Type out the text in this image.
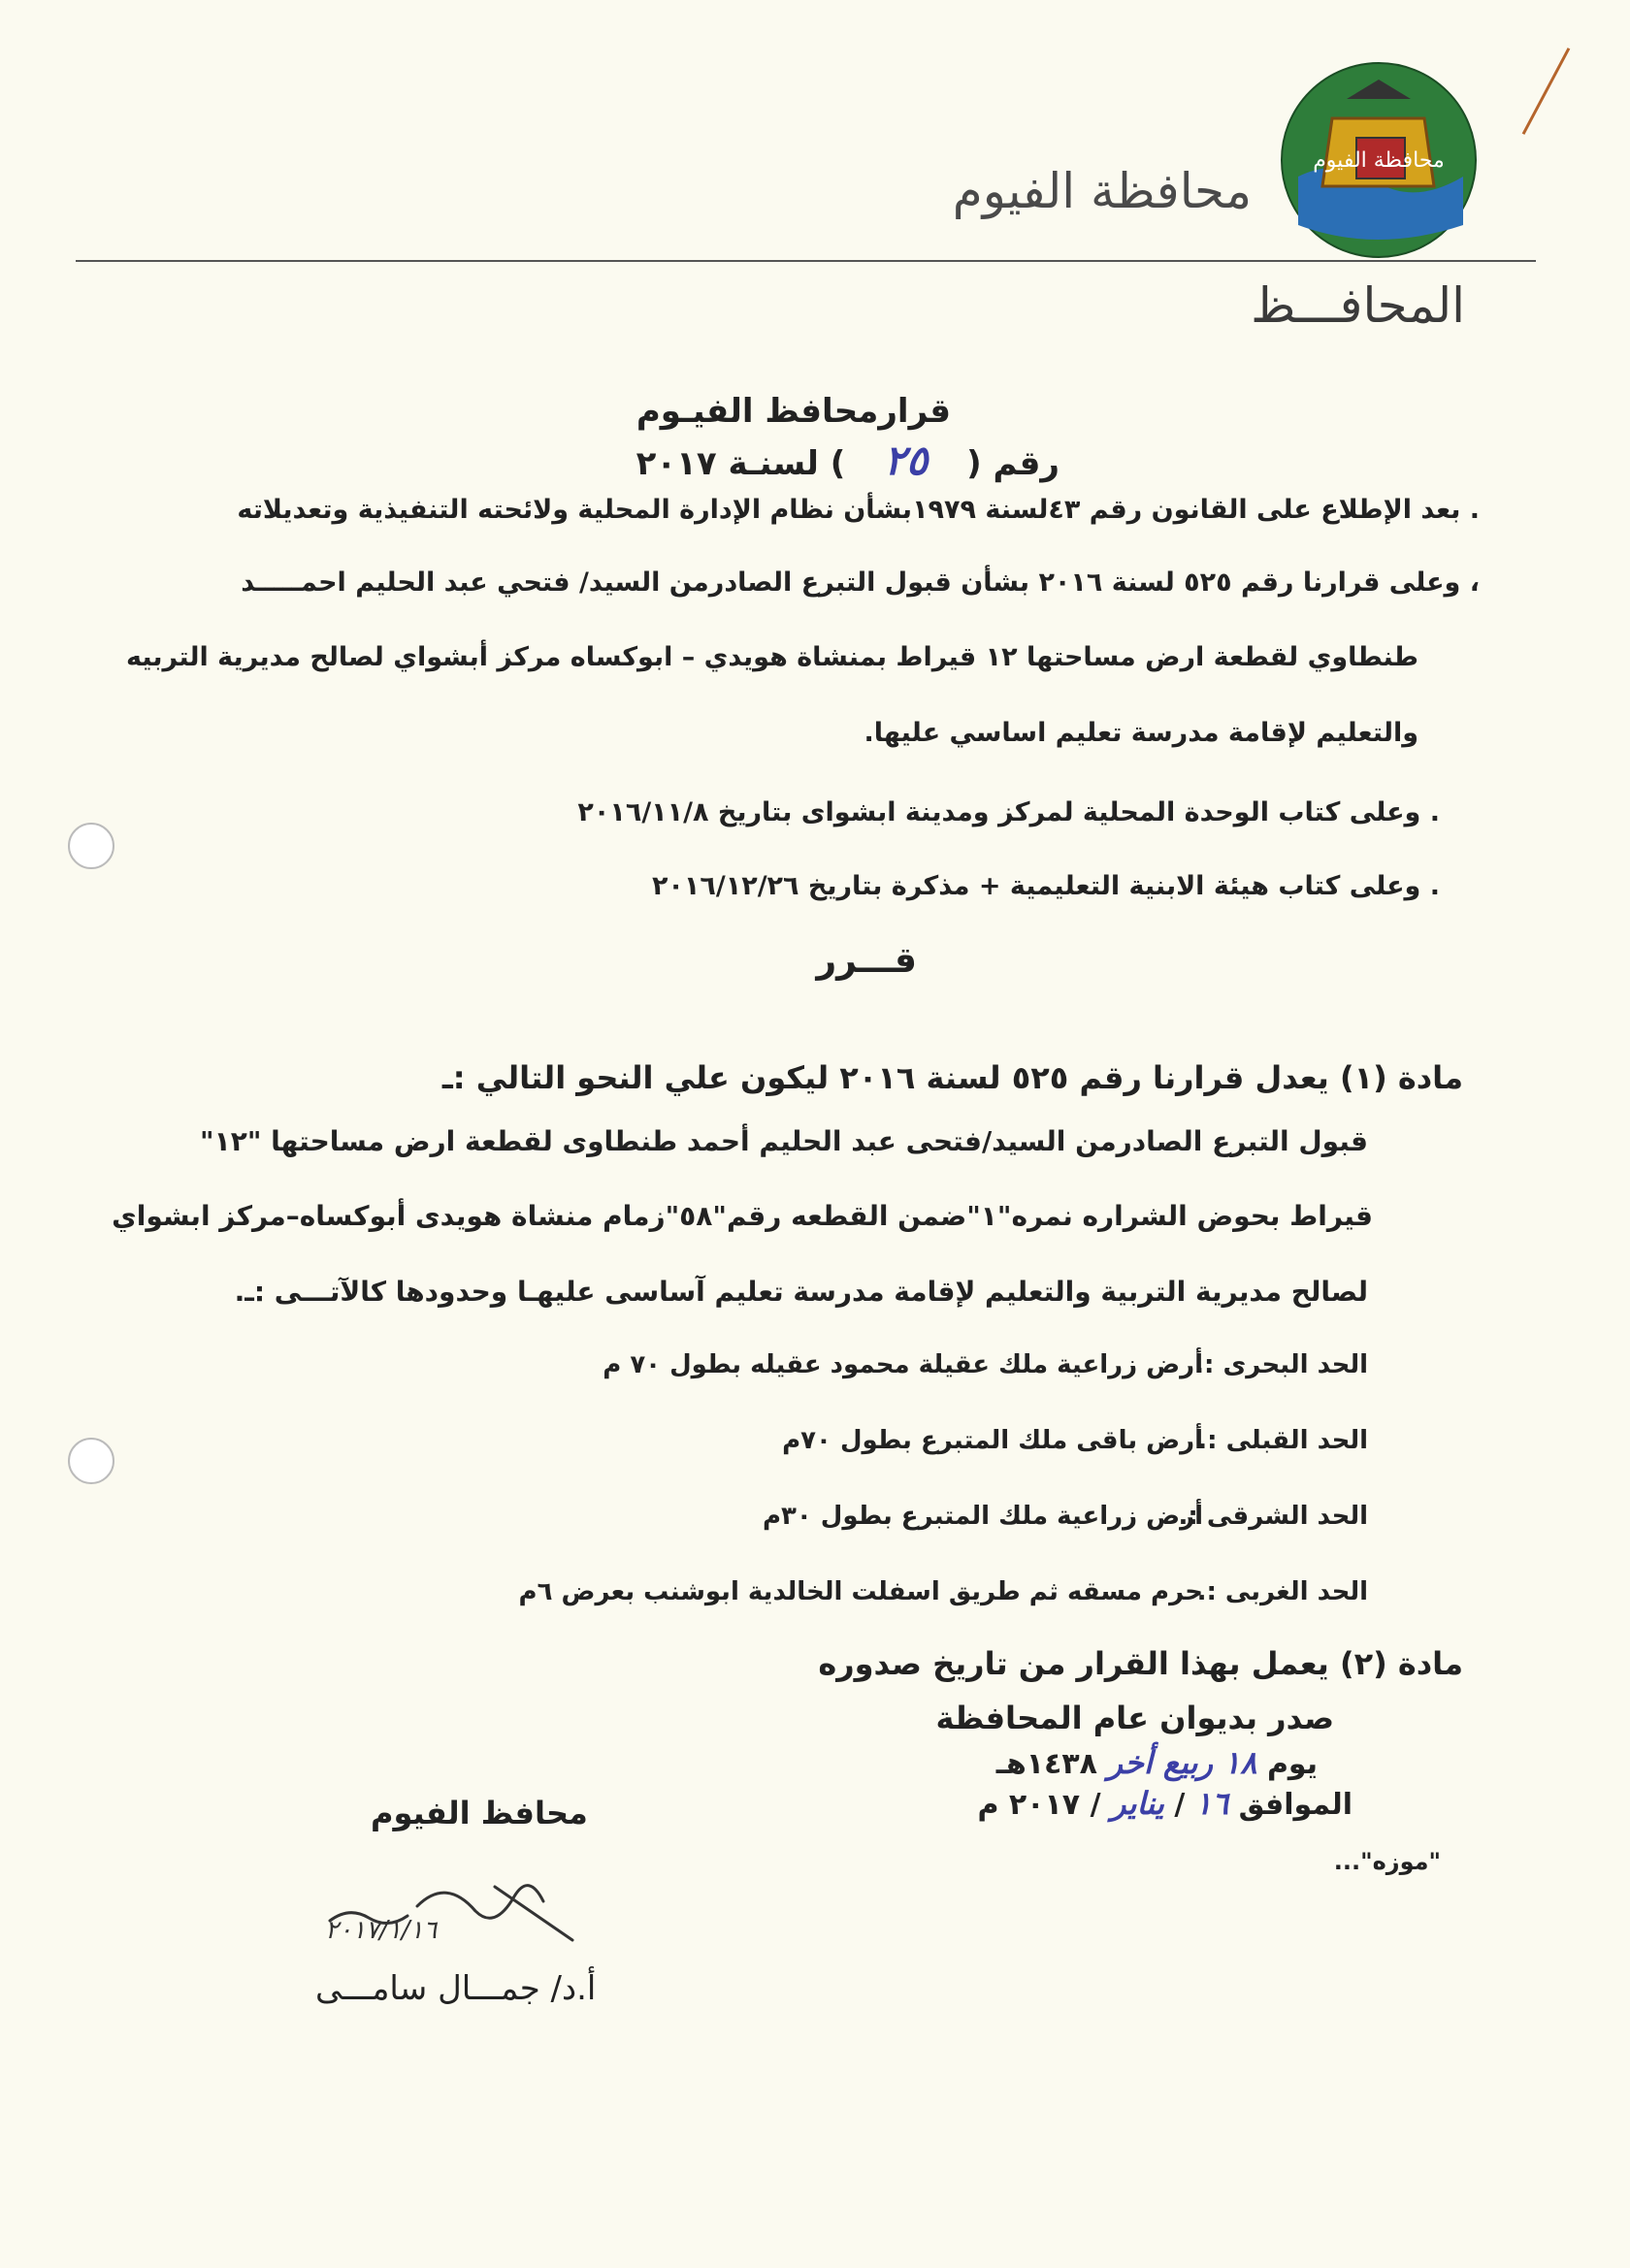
محافظة الفيوم
محافظة الفيوم
المحافـــظ
قرارمحافظ الفيـوم
رقم ( ٢٥ ) لسنـة ٢٠١٧
. بعد الإطلاع على القانون رقم ٤٣لسنة ١٩٧٩بشأن نظام الإدارة المحلية ولائحته التنفيذية وتعديلاته
، وعلى قرارنا رقم ٥٢٥ لسنة ٢٠١٦ بشأن قبول التبرع الصادرمن السيد/ فتحي عبد الحليم احمـــــد
طنطاوي لقطعة ارض مساحتها ١٢ قيراط بمنشاة هويدي – ابوكساه مركز أبشواي لصالح مديرية التربيه
والتعليم لإقامة مدرسة تعليم اساسي عليها.
. وعلى كتاب الوحدة المحلية لمركز ومدينة ابشواى بتاريخ ٢٠١٦/١١/٨
. وعلى كتاب هيئة الابنية التعليمية + مذكرة بتاريخ ٢٠١٦/١٢/٢٦
قـــرر
مادة (١) يعدل قرارنا رقم ٥٢٥ لسنة ٢٠١٦ ليكون علي النحو التالي :ـ
قبول التبرع الصادرمن السيد/فتحى عبد الحليم أحمد طنطاوى لقطعة ارض مساحتها "١٢"
قيراط بحوض الشراره نمره"١"ضمن القطعه رقم"٥٨"زمام منشاة هويدى أبوكساه–مركز ابشواي
لصالح مديرية التربية والتعليم لإقامة مدرسة تعليم آساسى عليهـا وحدودها كالآتـــى :ـ.
الحد البحرى :.
أرض زراعية ملك عقيلة محمود عقيله بطول ٧٠ م
الحد القبلى :.
أرض باقى ملك المتبرع بطول ٧٠م
الحد الشرقى :.
أرض زراعية ملك المتبرع بطول ٣٠م
الحد الغربى :.
حرم مسقه ثم طريق اسفلت الخالدية ابوشنب بعرض ٦م
مادة (٢) يعمل بهذا القرار من تاريخ صدوره
صدر بديوان عام المحافظة
يوم ١٨ ربيع أخر ١٤٣٨هـ
الموافق ١٦ / يناير / ٢٠١٧ م
"موزه"...
محافظ الفيوم
٢٠١٧/١/١٦
أ.د/ جمـــال سامـــى
